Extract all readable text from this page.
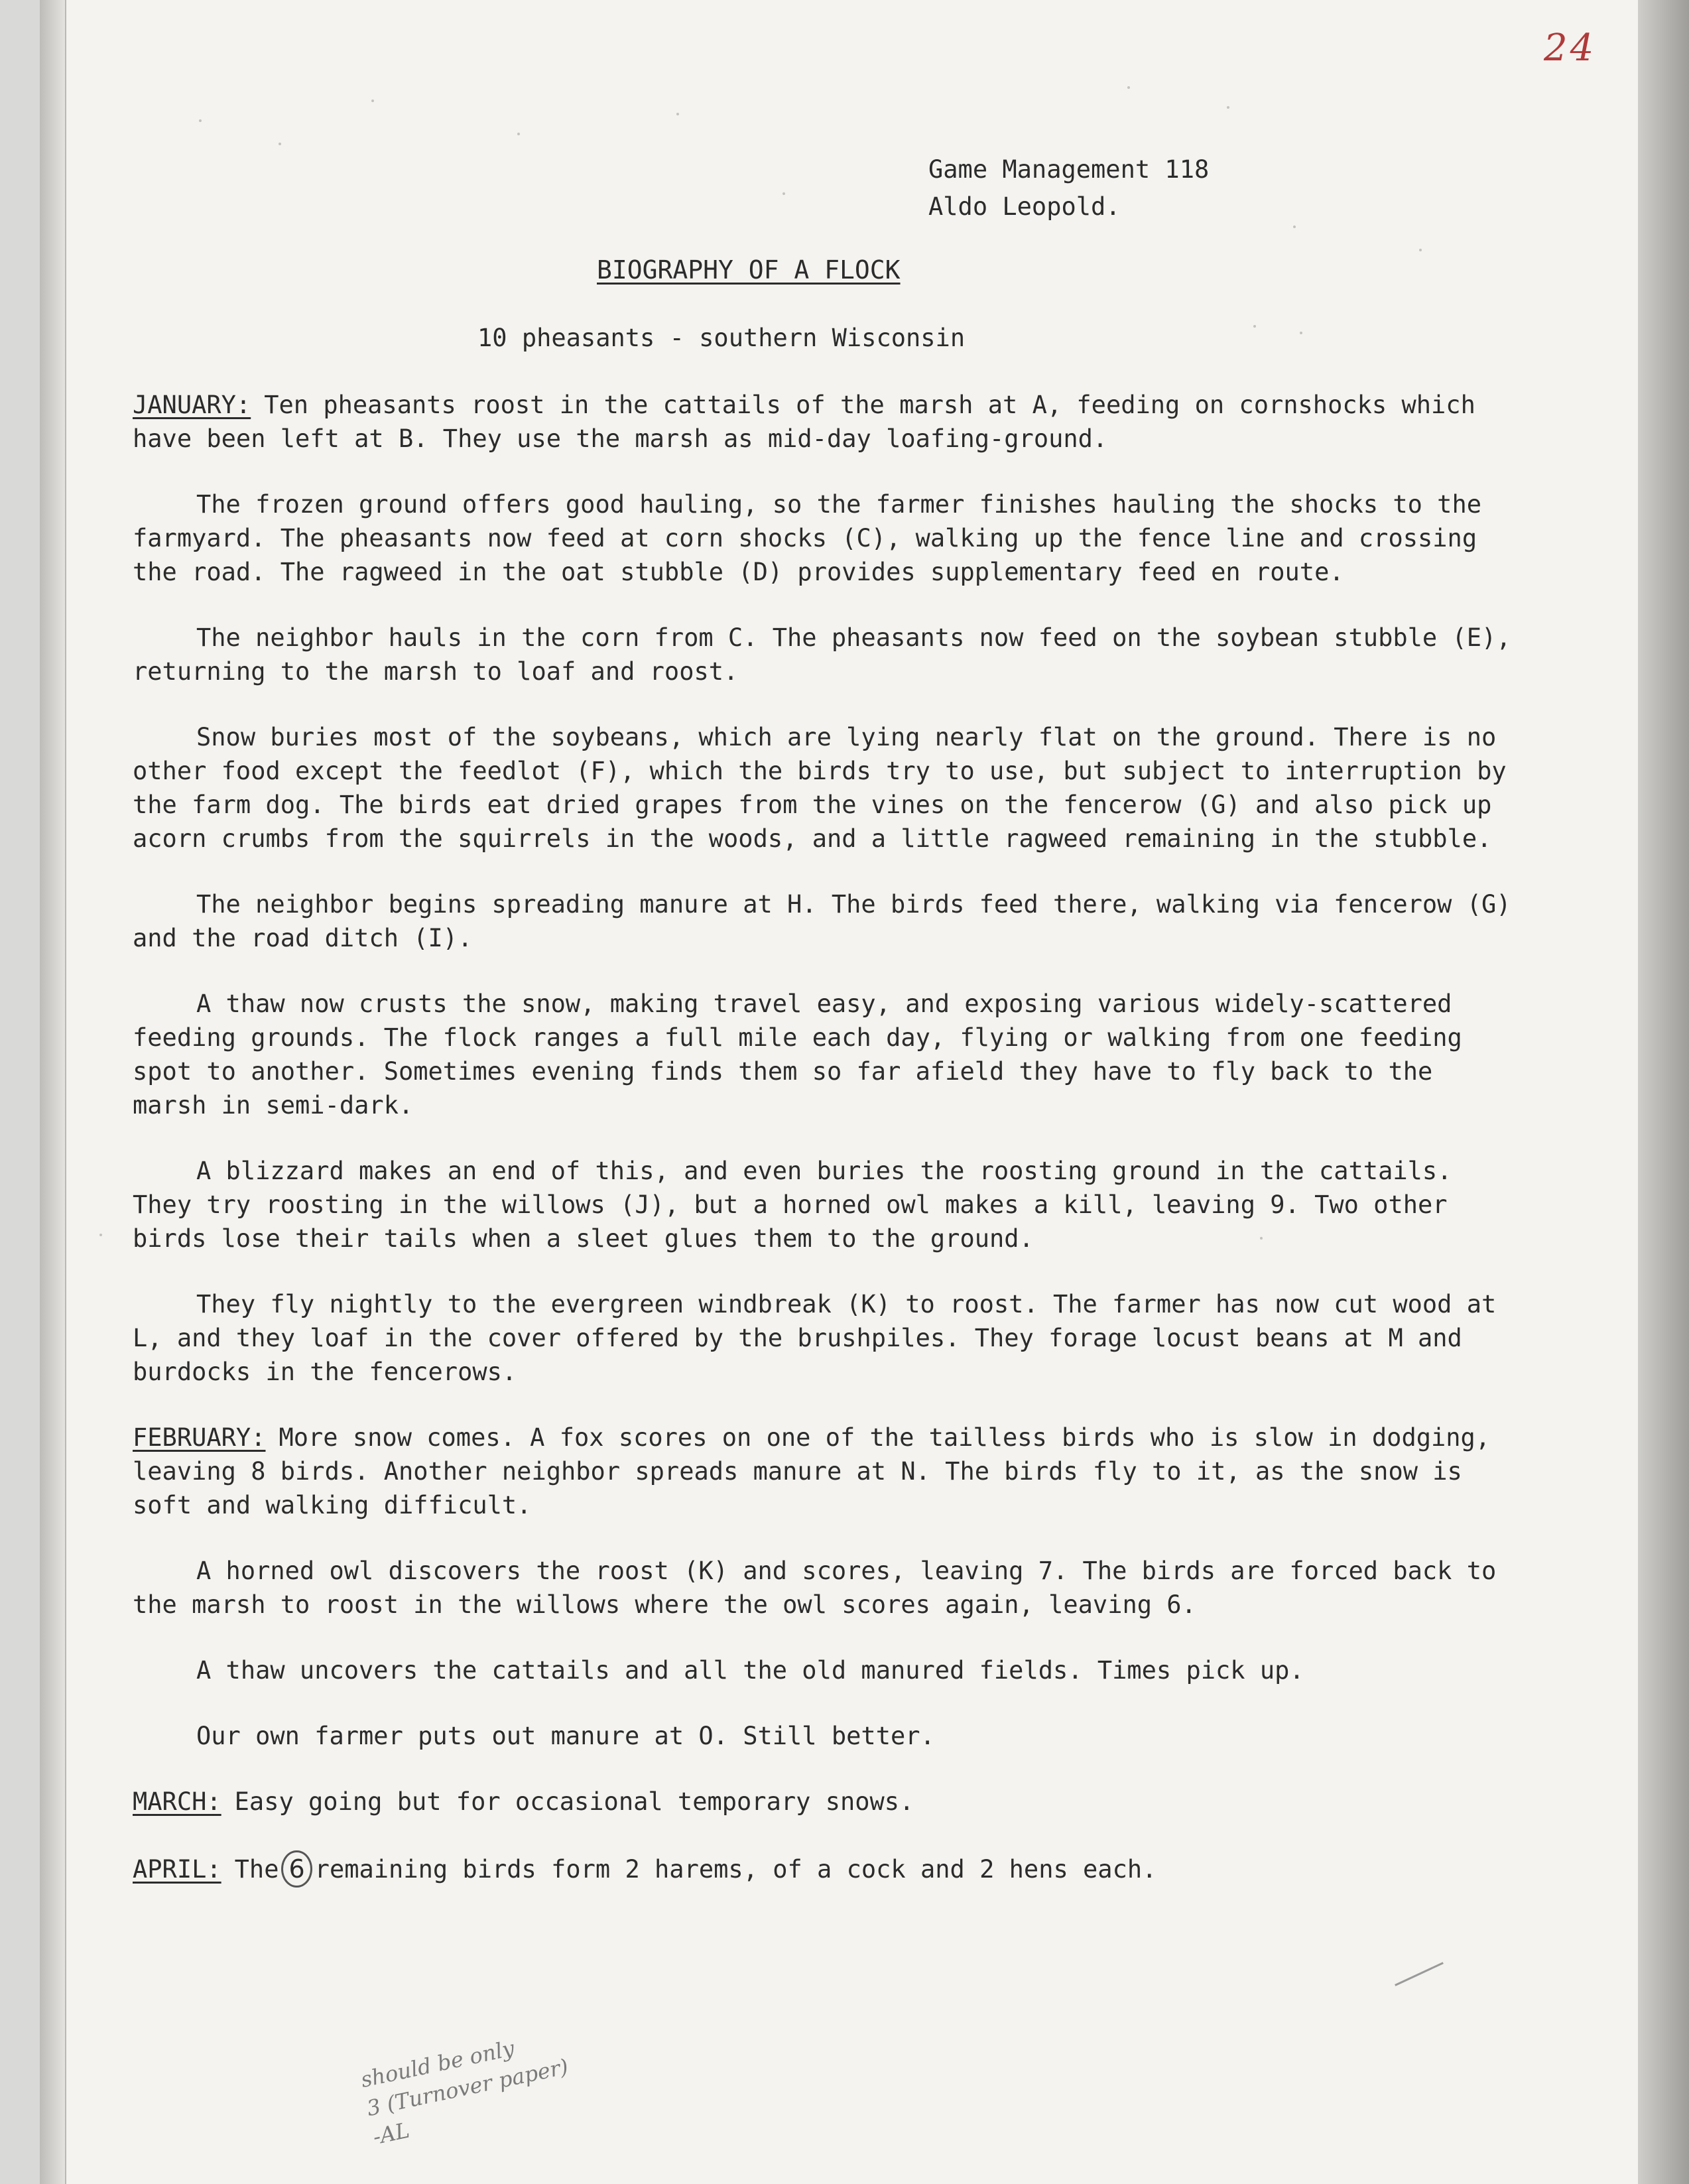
24
Game Management 118
Aldo Leopold.
BIOGRAPHY OF A FLOCK
10 pheasants - southern Wisconsin

JANUARY: Ten pheasants roost in the cattails of the marsh at A, feeding on cornshocks which have been left at B. They use the marsh as mid-day loafing-ground.

The frozen ground offers good hauling, so the farmer finishes hauling the shocks to the farmyard. The pheasants now feed at corn shocks (C), walking up the fence line and crossing the road. The ragweed in the oat stubble (D) provides supplementary feed en route.

The neighbor hauls in the corn from C. The pheasants now feed on the soybean stubble (E), returning to the marsh to loaf and roost.

Snow buries most of the soybeans, which are lying nearly flat on the ground. There is no other food except the feedlot (F), which the birds try to use, but subject to interruption by the farm dog. The birds eat dried grapes from the vines on the fencerow (G) and also pick up acorn crumbs from the squirrels in the woods, and a little ragweed remaining in the stubble.

The neighbor begins spreading manure at H. The birds feed there, walking via fencerow (G) and the road ditch (I).

A thaw now crusts the snow, making travel easy, and exposing various widely-scattered feeding grounds. The flock ranges a full mile each day, flying or walking from one feeding spot to another. Sometimes evening finds them so far afield they have to fly back to the marsh in semi-dark.

A blizzard makes an end of this, and even buries the roosting ground in the cattails. They try roosting in the willows (J), but a horned owl makes a kill, leaving 9. Two other birds lose their tails when a sleet glues them to the ground.

They fly nightly to the evergreen windbreak (K) to roost. The farmer has now cut wood at L, and they loaf in the cover offered by the brushpiles. They forage locust beans at M and burdocks in the fencerows.

FEBRUARY: More snow comes. A fox scores on one of the tailless birds who is slow in dodging, leaving 8 birds. Another neighbor spreads manure at N. The birds fly to it, as the snow is soft and walking difficult.

A horned owl discovers the roost (K) and scores, leaving 7. The birds are forced back to the marsh to roost in the willows where the owl scores again, leaving 6.

A thaw uncovers the cattails and all the old manured fields. Times pick up.

Our own farmer puts out manure at O. Still better.

MARCH: Easy going but for occasional temporary snows.

APRIL: The 6 remaining birds form 2 harems, of a cock and 2 hens each.

should be only
3 (Turnover paper)
-AL
